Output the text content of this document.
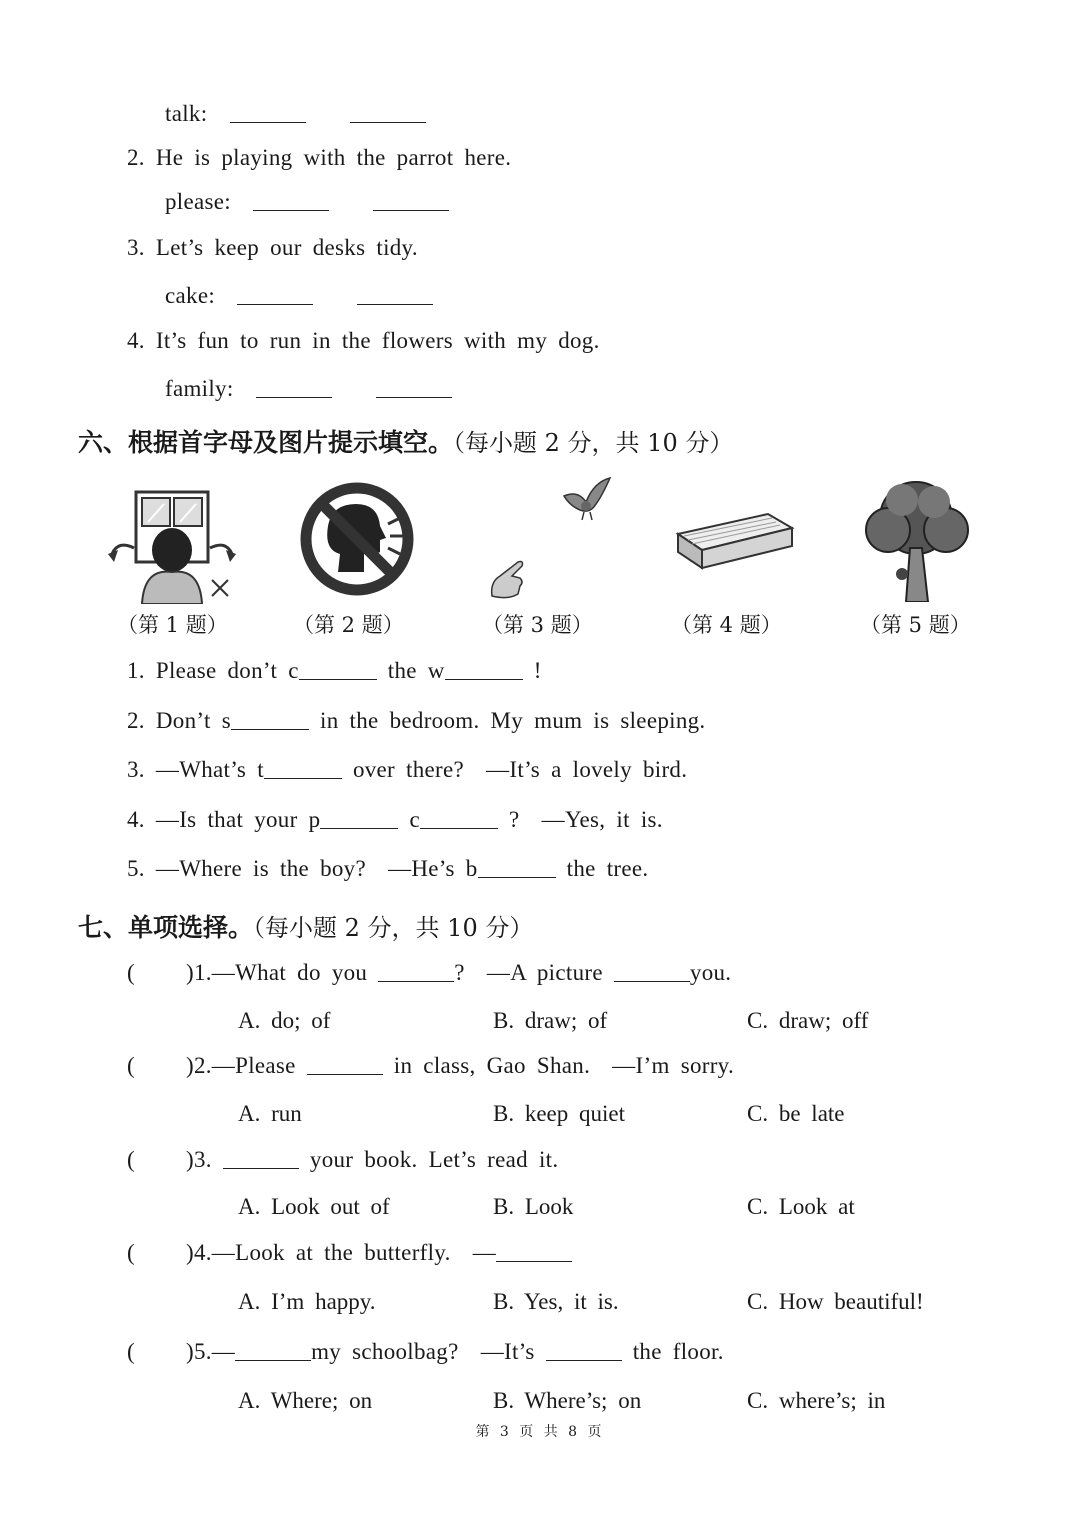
talk:
2. He is playing with the parrot here.
please:
3. Let’s keep our desks tidy.
cake:
4. It’s fun to run in the flowers with my dog.
family:
六、根据首字母及图片提示填空。（每小题 2 分，共 10 分）
（第 1 题）	（第 2 题）	（第 3 题）	（第 4 题）	（第 5 题）
1. Please don’t c	the w	!
2. Don’t s	in the bedroom. My mum is sleeping.
3. —What’s t	over there?  —It’s a lovely bird.
4. —Is that your p	c	?  —Yes, it is.
5. —Where is the boy?  —He’s b	the tree.
七、单项选择。（每小题 2 分，共 10 分）
( )1.—What do you	?  —A picture	you.
A. do; of	B. draw; of	C. draw; off
( )2.—Please	in class, Gao Shan.  —I’m sorry.
A. run	B. keep quiet	C. be late
( )3.	your book. Let’s read it.
A. Look out of	B. Look	C. Look at
( )4.—Look at the butterfly.  —
A. I’m happy.	B. Yes, it is.	C. How beautiful!
( )5.—	my schoolbag?  —It’s	the floor.
A. Where; on	B. Where’s; on	C. where’s; in
第 3 页 共 8 页
